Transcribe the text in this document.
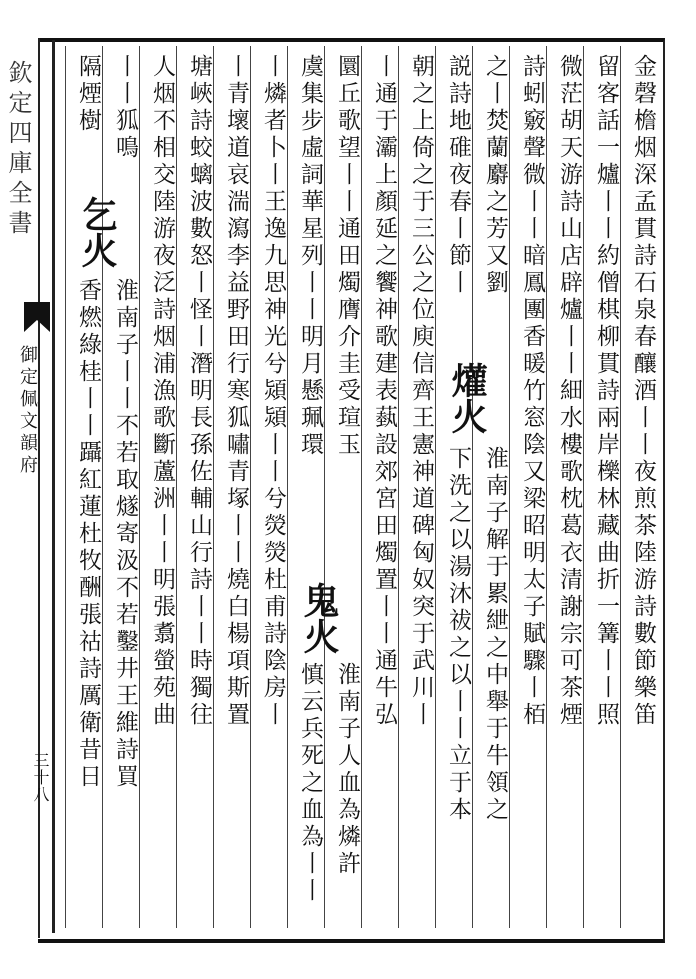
欽定四庫全書
御定佩文韻府
三十八
金磬檐烟深孟貫詩石泉春釀酒丨丨夜煎茶陸游詩數節樂笛
留客話一爐丨丨約僧棋柳貫詩兩岸櫟林藏曲折一篝丨丨照
微茫胡天游詩山店辟爐丨丨細水樓歌枕葛衣清謝宗可茶煙
詩蚓竅聲微丨丨暗鳳團香暖竹窓陰又梁昭明太子賦驟丨栢
之丨焚蘭麝之芳又劉
爟火
淮南子解于累紲之中舉于牛領之
説詩地碓夜春丨節丨
下洗之以湯沐祓之以丨丨立于本
朝之上倚之于三公之位庾信齊王憲神道碑匈奴突于武川丨
丨通于灞上顏延之饗神歌建表蓺設郊宮田燭置丨丨通牛弘
圜丘歌望丨丨通田燭膺介圭受瑄玉
鬼火
淮南子人血為燐許
虞集步虛詞華星列丨丨明月懸珮環
慎云兵死之血為丨丨
丨燐者卜丨王逸九思神光兮熲熲丨丨兮熒熒杜甫詩陰房丨
丨青壞道哀湍瀉李益野田行寒狐嘯青塚丨丨燒白楊項斯置
塘峽詩蛟螭波數怒丨怪丨潛明長孫佐輔山行詩丨丨時獨往
人烟不相交陸游夜泛詩烟浦漁歌斷蘆洲丨丨明張翥螢苑曲
丨丨狐鳴
乞火
淮南子丨丨不若取燧寄汲不若鑿井王維詩買
隔煙樹
香燃綠桂丨丨躡紅蓮杜牧酬張祜詩厲衛昔日
